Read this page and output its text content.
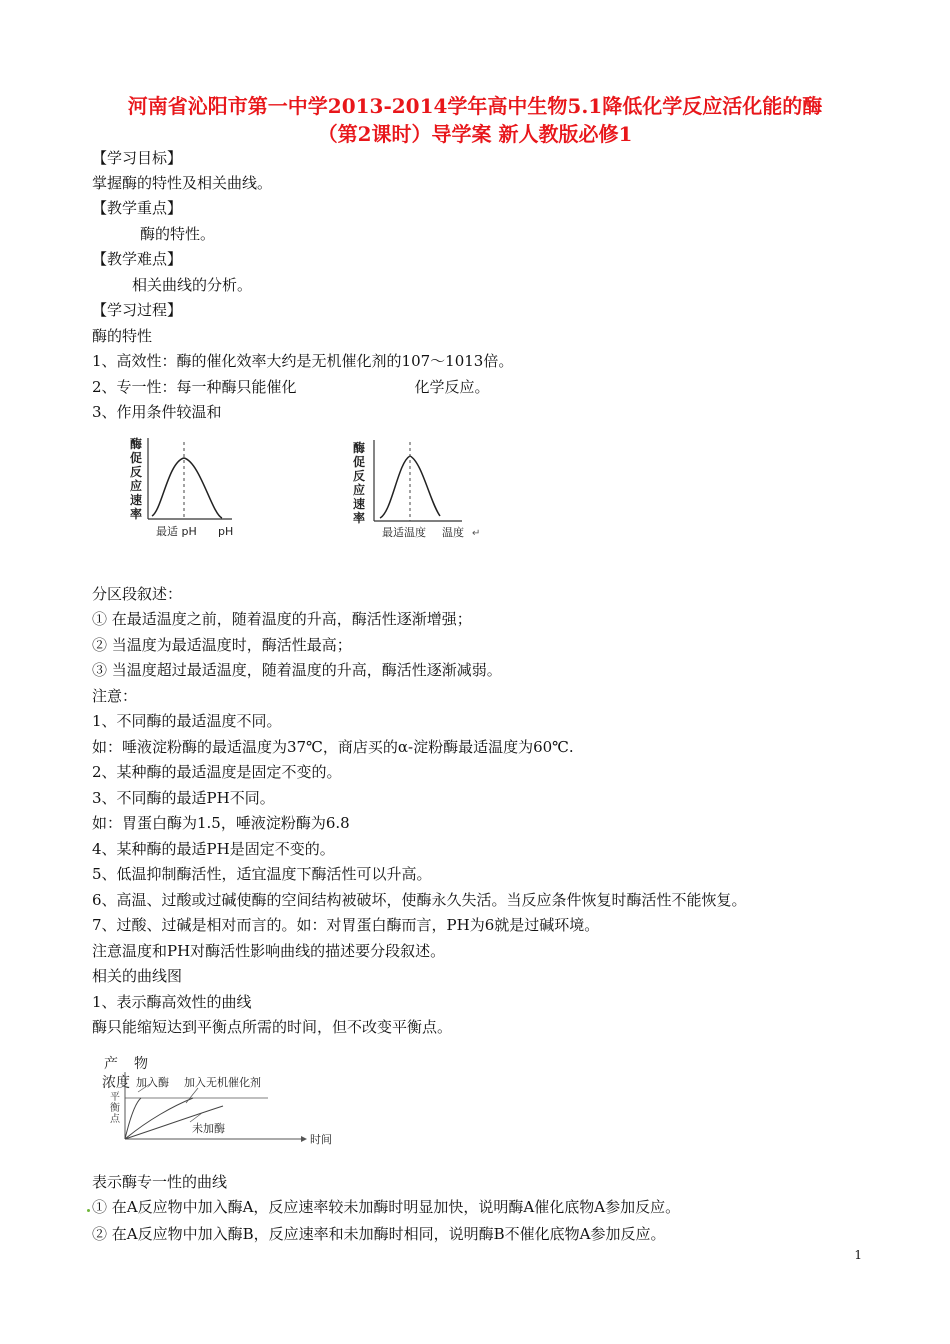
河南省沁阳市第一中学2013-2014学年高中生物5.1降低化学反应活化能的酶
（第2课时）导学案 新人教版必修1
【学习目标】
掌握酶的特性及相关曲线。
【教学重点】
酶的特性。
【教学难点】
相关曲线的分析。
【学习过程】
酶的特性
1、高效性：酶的催化效率大约是无机催化剂的107～1013倍。
2、专一性：每一种酶只能催化	化学反应。
3、作用条件较温和
酶
促
反
应
速
率
最适 pH pH
酶
促
反
应
速
率
最适温度 温度 ↵
分区段叙述：
① 在最适温度之前，随着温度的升高，酶活性逐渐增强；
② 当温度为最适温度时，酶活性最高；
③ 当温度超过最适温度，随着温度的升高，酶活性逐渐减弱。
注意：
1、不同酶的最适温度不同。
如：唾液淀粉酶的最适温度为37℃，商店买的α-淀粉酶最适温度为60℃.
2、某种酶的最适温度是固定不变的。
3、不同酶的最适PH不同。
如：胃蛋白酶为1.5，唾液淀粉酶为6.8
4、某种酶的最适PH是固定不变的。
5、低温抑制酶活性，适宜温度下酶活性可以升高。
6、高温、过酸或过碱使酶的空间结构被破坏，使酶永久失活。当反应条件恢复时酶活性不能恢复。
7、过酸、过碱是相对而言的。如：对胃蛋白酶而言，PH为6就是过碱环境。
注意温度和PH对酶活性影响曲线的描述要分段叙述。
相关的曲线图
1、表示酶高效性的曲线
酶只能缩短达到平衡点所需的时间，但不改变平衡点。
产 物
浓度
平
衡
点
加入酶 加入无机催化剂
未加酶
时间
表示酶专一性的曲线
① 在A反应物中加入酶A，反应速率较未加酶时明显加快，说明酶A催化底物A参加反应。
② 在A反应物中加入酶B，反应速率和未加酶时相同，说明酶B不催化底物A参加反应。
1
